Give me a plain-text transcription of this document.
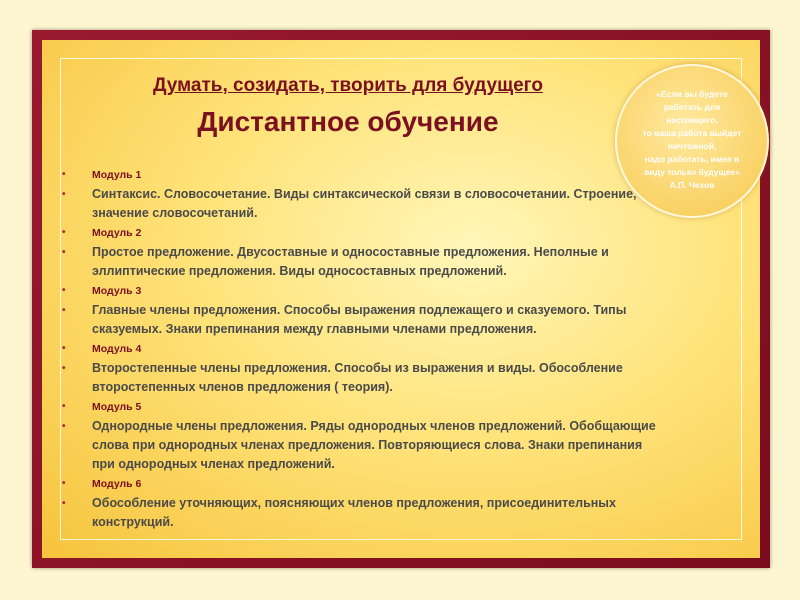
Думать, созидать, творить для будущего
Дистантное обучение
«Если вы будете
работать для
настоящего,
то ваша работа выйдет
ничтожной,
надо работать, имея в
виду только будущее»
А.П. Чехов
•	Модуль 1
• Синтаксис. Словосочетание. Виды синтаксической связи в словосочетании. Строение, значение словосочетаний.
•	Модуль 2
• Простое предложение. Двусоставные и односоставные предложения. Неполные и эллиптические предложения. Виды односоставных предложений.
•	Модуль 3
• Главные члены предложения. Способы выражения подлежащего и сказуемого. Типы сказуемых. Знаки препинания между главными членами предложения.
•	Модуль 4
• Второстепенные члены предложения. Способы из выражения и виды. Обособление второстепенных членов предложения ( теория).
•	Модуль 5
• Однородные члены предложения. Ряды однородных членов предложений. Обобщающие слова при однородных членах предложения. Повторяющиеся слова. Знаки препинания при однородных членах предложений.
•	Модуль 6
• Обособление уточняющих, поясняющих членов предложения, присоединительных конструкций.
